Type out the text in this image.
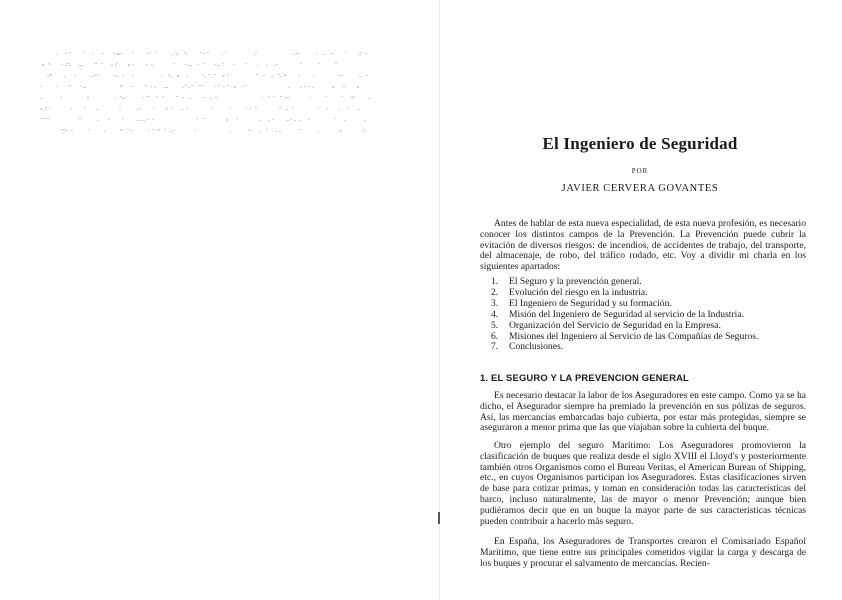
El Ingeniero de Seguridad
POR
JAVIER CERVERA GOVANTES

Antes de hablar de esta nueva especialidad, de esta nueva profesión, es necesario conocer los distintos campos de la Prevención. La Prevención puede cubrir la evitación de diversos riesgos: de incendios, de accidentes de trabajo, del transporte, del almacenaje, de robo, del tráfico rodado, etc. Voy a dividir mi charla en los siguientes apartados:

1. El Seguro y la prevención general.
2. Evolución del riesgo en la industria.
3. El Ingeniero de Seguridad y su formación.
4. Misión del Ingeniero de Seguridad al servicio de la Industria.
5. Organización del Servicio de Seguridad en la Empresa.
6. Misiones del Ingeniero al Servicio de las Compañías de Seguros.
7. Conclusiones.
1. EL SEGURO Y LA PREVENCION GENERAL

Es necesario destacar la labor de los Aseguradores en este campo. Como ya se ha dicho, el Asegurador siempre ha premiado la prevención en sus pólizas de seguros. Así, las mercancías embarcadas bajo cubierta, por estar más protegidas, siempre se aseguraron a menor prima que las que viajaban sobre la cubierta del buque.

Otro ejemplo del seguro Marítimo: Los Aseguradores promovieron la clasificación de buques que realiza desde el siglo XVIII el Lloyd's y posteriormente también otros Organismos como el Bureau Veritas, el American Bureau of Shipping, etc., en cuyos Organismos participan los Aseguradores. Estas clasificaciones sirven de base para cotizar primas, y toman en consideración todas las características del barco, incluso naturalmente, las de mayor o menor Prevención; aunque bien pudiéramos decir que en un buque la mayor parte de sus características técnicas pueden contribuir a hacerlo más seguro.

En España, los Aseguradores de Transportes crearon el Comisariado Español Marítimo, que tiene entre sus principales cometidos vigilar la carga y descarga de los buques y procurar el salvamento de mercancías. Recien-
